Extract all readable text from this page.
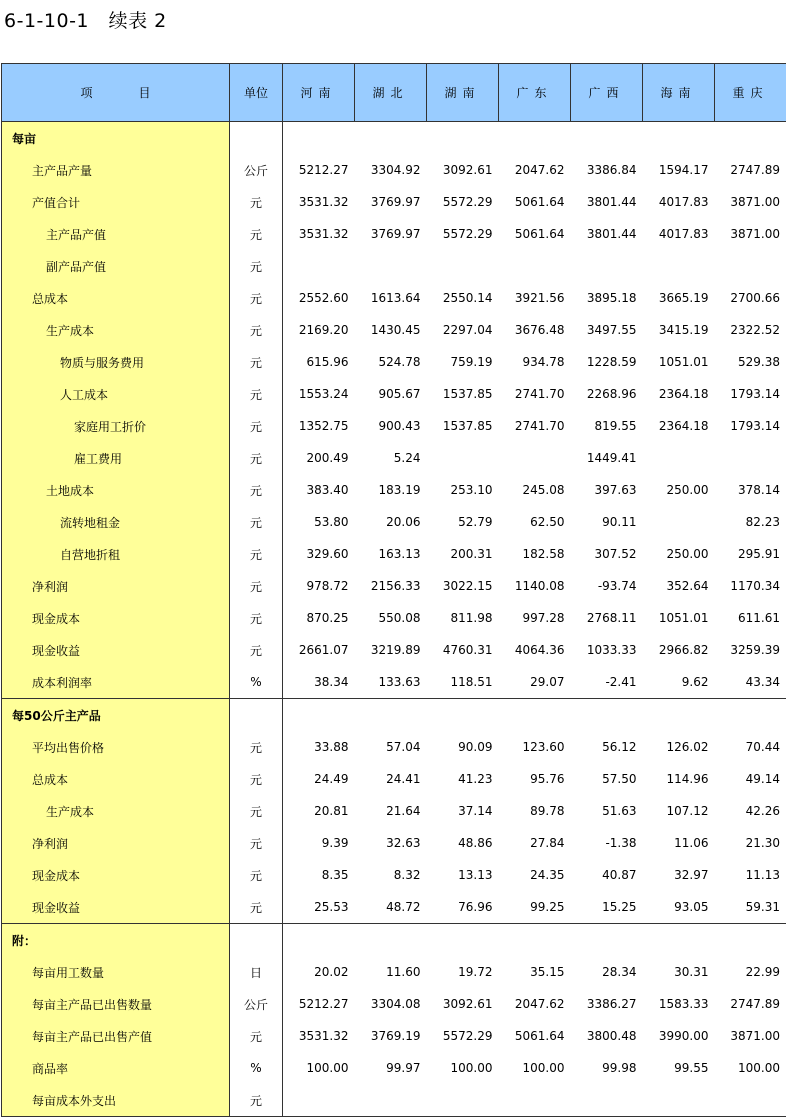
6-1-10-1   续表 2
项目	单位	河南	湖北	湖南	广东	广西	海南	重庆
每亩								
主产品产量	公斤	5212.27	3304.92	3092.61	2047.62	3386.84	1594.17	2747.89
产值合计	元	3531.32	3769.97	5572.29	5061.64	3801.44	4017.83	3871.00
主产品产值	元	3531.32	3769.97	5572.29	5061.64	3801.44	4017.83	3871.00
副产品产值	元							
总成本	元	2552.60	1613.64	2550.14	3921.56	3895.18	3665.19	2700.66
生产成本	元	2169.20	1430.45	2297.04	3676.48	3497.55	3415.19	2322.52
物质与服务费用	元	615.96	524.78	759.19	934.78	1228.59	1051.01	529.38
人工成本	元	1553.24	905.67	1537.85	2741.70	2268.96	2364.18	1793.14
家庭用工折价	元	1352.75	900.43	1537.85	2741.70	819.55	2364.18	1793.14
雇工费用	元	200.49	5.24			1449.41		
土地成本	元	383.40	183.19	253.10	245.08	397.63	250.00	378.14
流转地租金	元	53.80	20.06	52.79	62.50	90.11		82.23
自营地折租	元	329.60	163.13	200.31	182.58	307.52	250.00	295.91
净利润	元	978.72	2156.33	3022.15	1140.08	-93.74	352.64	1170.34
现金成本	元	870.25	550.08	811.98	997.28	2768.11	1051.01	611.61
现金收益	元	2661.07	3219.89	4760.31	4064.36	1033.33	2966.82	3259.39
成本利润率	%	38.34	133.63	118.51	29.07	-2.41	9.62	43.34
每50公斤主产品								
平均出售价格	元	33.88	57.04	90.09	123.60	56.12	126.02	70.44
总成本	元	24.49	24.41	41.23	95.76	57.50	114.96	49.14
生产成本	元	20.81	21.64	37.14	89.78	51.63	107.12	42.26
净利润	元	9.39	32.63	48.86	27.84	-1.38	11.06	21.30
现金成本	元	8.35	8.32	13.13	24.35	40.87	32.97	11.13
现金收益	元	25.53	48.72	76.96	99.25	15.25	93.05	59.31
附：								
每亩用工数量	日	20.02	11.60	19.72	35.15	28.34	30.31	22.99
每亩主产品已出售数量	公斤	5212.27	3304.08	3092.61	2047.62	3386.27	1583.33	2747.89
每亩主产品已出售产值	元	3531.32	3769.19	5572.29	5061.64	3800.48	3990.00	3871.00
商品率	%	100.00	99.97	100.00	100.00	99.98	99.55	100.00
每亩成本外支出	元							
